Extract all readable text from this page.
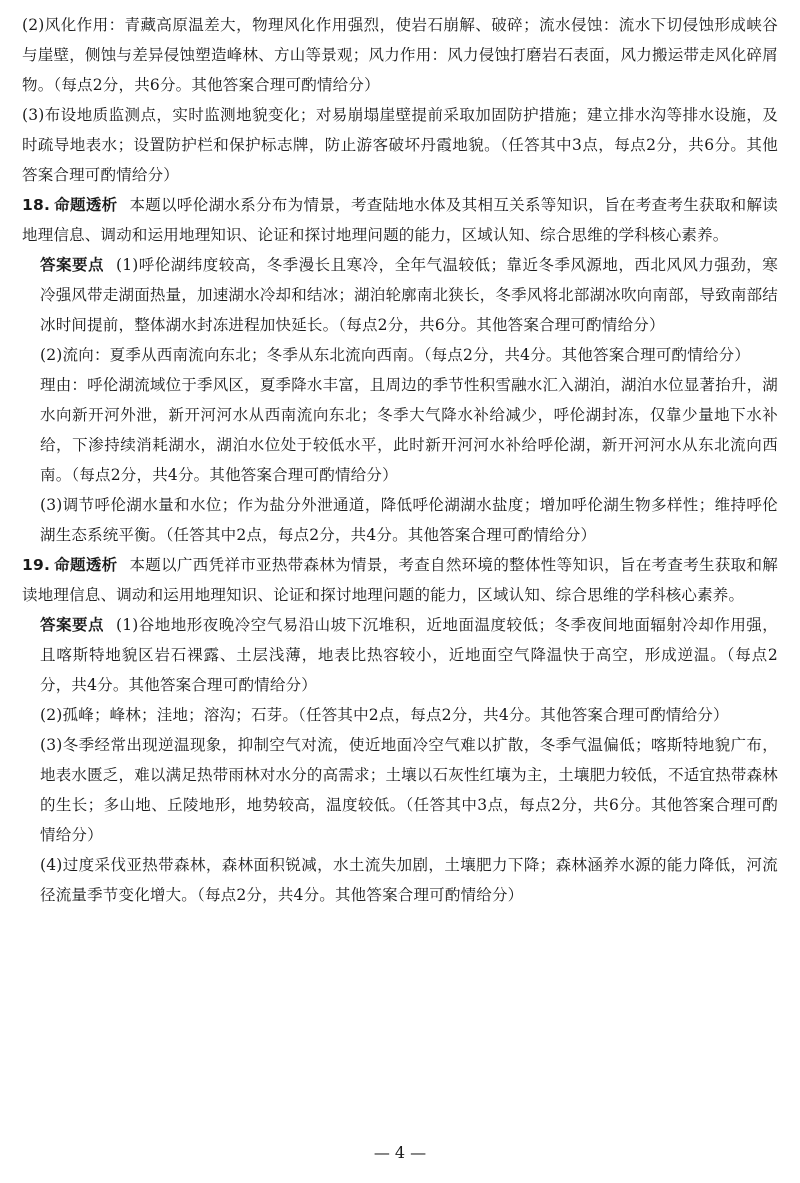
(2)风化作用：青藏高原温差大，物理风化作用强烈，使岩石崩解、破碎；流水侵蚀：流水下切侵蚀形成峡谷与崖壁，侧蚀与差异侵蚀塑造峰林、方山等景观；风力作用：风力侵蚀打磨岩石表面，风力搬运带走风化碎屑物。（每点2分，共6分。其他答案合理可酌情给分）

(3)布设地质监测点，实时监测地貌变化；对易崩塌崖壁提前采取加固防护措施；建立排水沟等排水设施，及时疏导地表水；设置防护栏和保护标志牌，防止游客破坏丹霞地貌。（任答其中3点，每点2分，共6分。其他答案合理可酌情给分）

18. 命题透析 本题以呼伦湖水系分布为情景，考查陆地水体及其相互关系等知识，旨在考查考生获取和解读地理信息、调动和运用地理知识、论证和探讨地理问题的能力，区域认知、综合思维的学科核心素养。

答案要点 (1)呼伦湖纬度较高，冬季漫长且寒冷，全年气温较低；靠近冬季风源地，西北风风力强劲，寒冷强风带走湖面热量，加速湖水冷却和结冰；湖泊轮廓南北狭长，冬季风将北部湖冰吹向南部，导致南部结冰时间提前，整体湖水封冻进程加快延长。（每点2分，共6分。其他答案合理可酌情给分）

(2)流向：夏季从西南流向东北；冬季从东北流向西南。（每点2分，共4分。其他答案合理可酌情给分）

理由：呼伦湖流域位于季风区，夏季降水丰富，且周边的季节性积雪融水汇入湖泊，湖泊水位显著抬升，湖水向新开河外泄，新开河河水从西南流向东北；冬季大气降水补给减少，呼伦湖封冻，仅靠少量地下水补给，下渗持续消耗湖水，湖泊水位处于较低水平，此时新开河河水补给呼伦湖，新开河河水从东北流向西南。（每点2分，共4分。其他答案合理可酌情给分）

(3)调节呼伦湖水量和水位；作为盐分外泄通道，降低呼伦湖湖水盐度；增加呼伦湖生物多样性；维持呼伦湖生态系统平衡。（任答其中2点，每点2分，共4分。其他答案合理可酌情给分）

19. 命题透析 本题以广西凭祥市亚热带森林为情景，考查自然环境的整体性等知识，旨在考查考生获取和解读地理信息、调动和运用地理知识、论证和探讨地理问题的能力，区域认知、综合思维的学科核心素养。

答案要点 (1)谷地地形夜晚冷空气易沿山坡下沉堆积，近地面温度较低；冬季夜间地面辐射冷却作用强，且喀斯特地貌区岩石裸露、土层浅薄，地表比热容较小，近地面空气降温快于高空，形成逆温。（每点2分，共4分。其他答案合理可酌情给分）

(2)孤峰；峰林；洼地；溶沟；石芽。（任答其中2点，每点2分，共4分。其他答案合理可酌情给分）

(3)冬季经常出现逆温现象，抑制空气对流，使近地面冷空气难以扩散，冬季气温偏低；喀斯特地貌广布，地表水匮乏，难以满足热带雨林对水分的高需求；土壤以石灰性红壤为主，土壤肥力较低，不适宜热带森林的生长；多山地、丘陵地形，地势较高，温度较低。（任答其中3点，每点2分，共6分。其他答案合理可酌情给分）

(4)过度采伐亚热带森林，森林面积锐减，水土流失加剧，土壤肥力下降；森林涵养水源的能力降低，河流径流量季节变化增大。（每点2分，共4分。其他答案合理可酌情给分）

— 4 —
